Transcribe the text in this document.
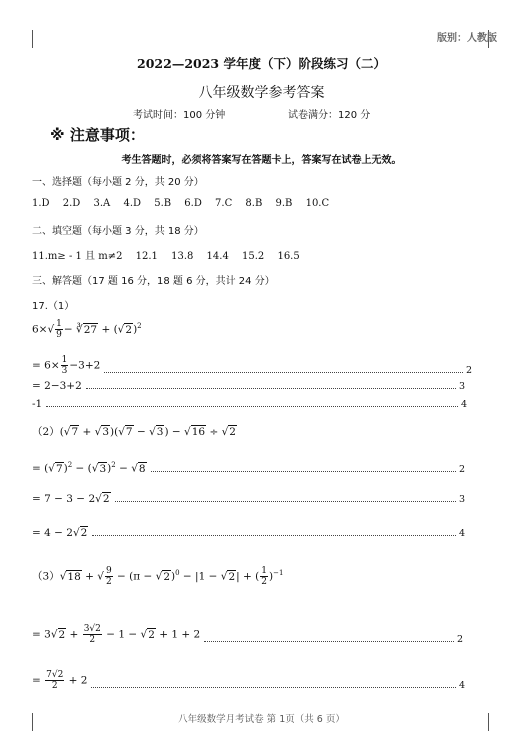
版别：人教版
2022—2023 学年度（下）阶段练习（二）
八年级数学参考答案
考试时间：100 分钟	试卷满分：120 分
※ 注意事项：
考生答题时，必须将答案写在答题卡上，答案写在试卷上无效。
一、选择题（每小题 2 分，共 20 分）
1.D 2.D 3.A 4.D 5.B 6.D 7.C 8.B 9.B 10.C
二、填空题（每小题 3 分，共 18 分）
11.m≥ - 1 且 m≠2 12.1 13.8 14.4 15.2 16.5
三、解答题（17 题 16 分，18 题 6 分，共计 24 分）
17.（1）
$6\times√ \frac{1}{9}$ − ∛27 + $(√2)^2$
= $6\times \frac{1}{3} -3+2$	2
= 2−3+2	3
-1	4
（2）(√7 + √3)(√7 − √3) − √16 ÷ √2
= $(√7)^2 - (√3)^2 - √8$	2
= 7 − 3 − 2√2	3
= 4 − 2√2	4
（3）√18 + √ $\frac{9}{2} - (\pi - √2)^0 - |1 - √2|$ + ( $\frac{1}{2} )^{-1}$
= $3√2 + \frac{3√2}{2} - 1 - √2 + 1 + 2$	2
= $\frac{7√2}{2} + 2$	4
八年级数学月考试卷 第 1页（共 6 页）
